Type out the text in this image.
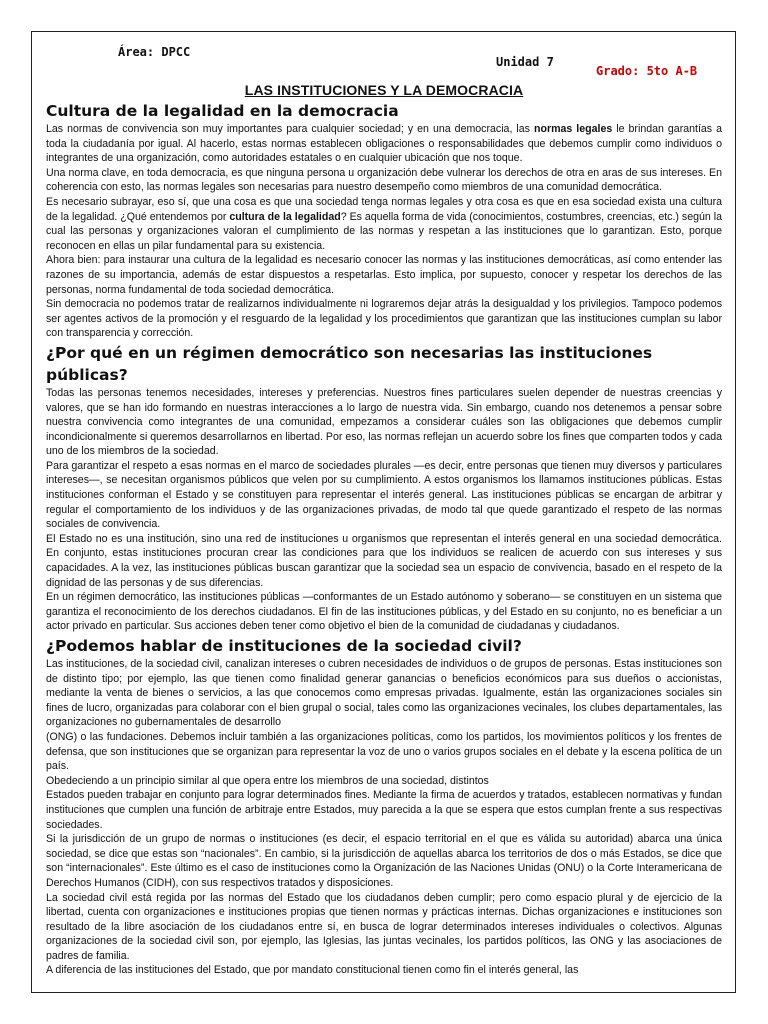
Área: DPCC
Unidad 7
Grado: 5to A-B
LAS INSTITUCIONES Y LA DEMOCRACIA
Cultura de la legalidad en la democracia

Las normas de convivencia son muy importantes para cualquier sociedad; y en una democracia, las normas legales le brindan garantías a toda la ciudadanía por igual. Al hacerlo, estas normas establecen obligaciones o responsabilidades que debemos cumplir como individuos o integrantes de una organización, como autoridades estatales o en cualquier ubicación que nos toque.

Una norma clave, en toda democracia, es que ninguna persona u organización debe vulnerar los derechos de otra en aras de sus intereses. En coherencia con esto, las normas legales son necesarias para nuestro desempeño como miembros de una comunidad democrática.

Es necesario subrayar, eso sí, que una cosa es que una sociedad tenga normas legales y otra cosa es que en esa sociedad exista una cultura de la legalidad. ¿Qué entendemos por cultura de la legalidad? Es aquella forma de vida (conocimientos, costumbres, creencias, etc.) según la cual las personas y organizaciones valoran el cumplimiento de las normas y respetan a las instituciones que lo garantizan. Esto, porque reconocen en ellas un pilar fundamental para su existencia.

Ahora bien: para instaurar una cultura de la legalidad es necesario conocer las normas y las instituciones democráticas, así como entender las razones de su importancia, además de estar dispuestos a respetarlas. Esto implica, por supuesto, conocer y respetar los derechos de las personas, norma fundamental de toda sociedad democrática.

Sin democracia no podemos tratar de realizarnos individualmente ni lograremos dejar atrás la desigualdad y los privilegios. Tampoco podemos ser agentes activos de la promoción y el resguardo de la legalidad y los procedimientos que garantizan que las instituciones cumplan su labor con transparencia y corrección.

¿Por qué en un régimen democrático son necesarias las instituciones públicas?

Todas las personas tenemos necesidades, intereses y preferencias. Nuestros fines particulares suelen depender de nuestras creencias y valores, que se han ido formando en nuestras interacciones a lo largo de nuestra vida. Sin embargo, cuando nos detenemos a pensar sobre nuestra convivencia como integrantes de una comunidad, empezamos a considerar cuáles son las obligaciones que debemos cumplir incondicionalmente si queremos desarrollarnos en libertad. Por eso, las normas reflejan un acuerdo sobre los fines que comparten todos y cada uno de los miembros de la sociedad.

Para garantizar el respeto a esas normas en el marco de sociedades plurales —es decir, entre personas que tienen muy diversos y particulares intereses—, se necesitan organismos públicos que velen por su cumplimiento. A estos organismos los llamamos instituciones públicas. Estas instituciones conforman el Estado y se constituyen para representar el interés general. Las instituciones públicas se encargan de arbitrar y regular el comportamiento de los individuos y de las organizaciones privadas, de modo tal que quede garantizado el respeto de las normas sociales de convivencia.

El Estado no es una institución, sino una red de instituciones u organismos que representan el interés general en una sociedad democrática. En conjunto, estas instituciones procuran crear las condiciones para que los individuos se realicen de acuerdo con sus intereses y sus capacidades. A la vez, las instituciones públicas buscan garantizar que la sociedad sea un espacio de convivencia, basado en el respeto de la dignidad de las personas y de sus diferencias.

En un régimen democrático, las instituciones públicas —conformantes de un Estado autónomo y soberano— se constituyen en un sistema que garantiza el reconocimiento de los derechos ciudadanos. El fin de las instituciones públicas, y del Estado en su conjunto, no es beneficiar a un actor privado en particular. Sus acciones deben tener como objetivo el bien de la comunidad de ciudadanas y ciudadanos.

¿Podemos hablar de instituciones de la sociedad civil?

Las instituciones, de la sociedad civil, canalizan intereses o cubren necesidades de individuos o de grupos de personas. Estas instituciones son de distinto tipo; por ejemplo, las que tienen como finalidad generar ganancias o beneficios económicos para sus dueños o accionistas, mediante la venta de bienes o servicios, a las que conocemos como empresas privadas. Igualmente, están las organizaciones sociales sin fines de lucro, organizadas para colaborar con el bien grupal o social, tales como las organizaciones vecinales, los clubes departamentales, las organizaciones no gubernamentales de desarrollo

(ONG) o las fundaciones. Debemos incluir también a las organizaciones políticas, como los partidos, los movimientos políticos y los frentes de defensa, que son instituciones que se organizan para representar la voz de uno o varios grupos sociales en el debate y la escena política de un país.

Obedeciendo a un principio similar al que opera entre los miembros de una sociedad, distintos

Estados pueden trabajar en conjunto para lograr determinados fines. Mediante la firma de acuerdos y tratados, establecen normativas y fundan instituciones que cumplen una función de arbitraje entre Estados, muy parecida a la que se espera que estos cumplan frente a sus respectivas sociedades.

Si la jurisdicción de un grupo de normas o instituciones (es decir, el espacio territorial en el que es válida su autoridad) abarca una única sociedad, se dice que estas son “nacionales”. En cambio, si la jurisdicción de aquellas abarca los territorios de dos o más Estados, se dice que son “internacionales”. Este último es el caso de instituciones como la Organización de las Naciones Unidas (ONU) o la Corte Interamericana de Derechos Humanos (CIDH), con sus respectivos tratados y disposiciones.

La sociedad civil está regida por las normas del Estado que los ciudadanos deben cumplir; pero como espacio plural y de ejercicio de la libertad, cuenta con organizaciones e instituciones propias que tienen normas y prácticas internas. Dichas organizaciones e instituciones son resultado de la libre asociación de los ciudadanos entre sí, en busca de lograr determinados intereses individuales o colectivos. Algunas organizaciones de la sociedad civil son, por ejemplo, las Iglesias, las juntas vecinales, los partidos políticos, las ONG y las asociaciones de padres de familia.

A diferencia de las instituciones del Estado, que por mandato constitucional tienen como fin el interés general, las
